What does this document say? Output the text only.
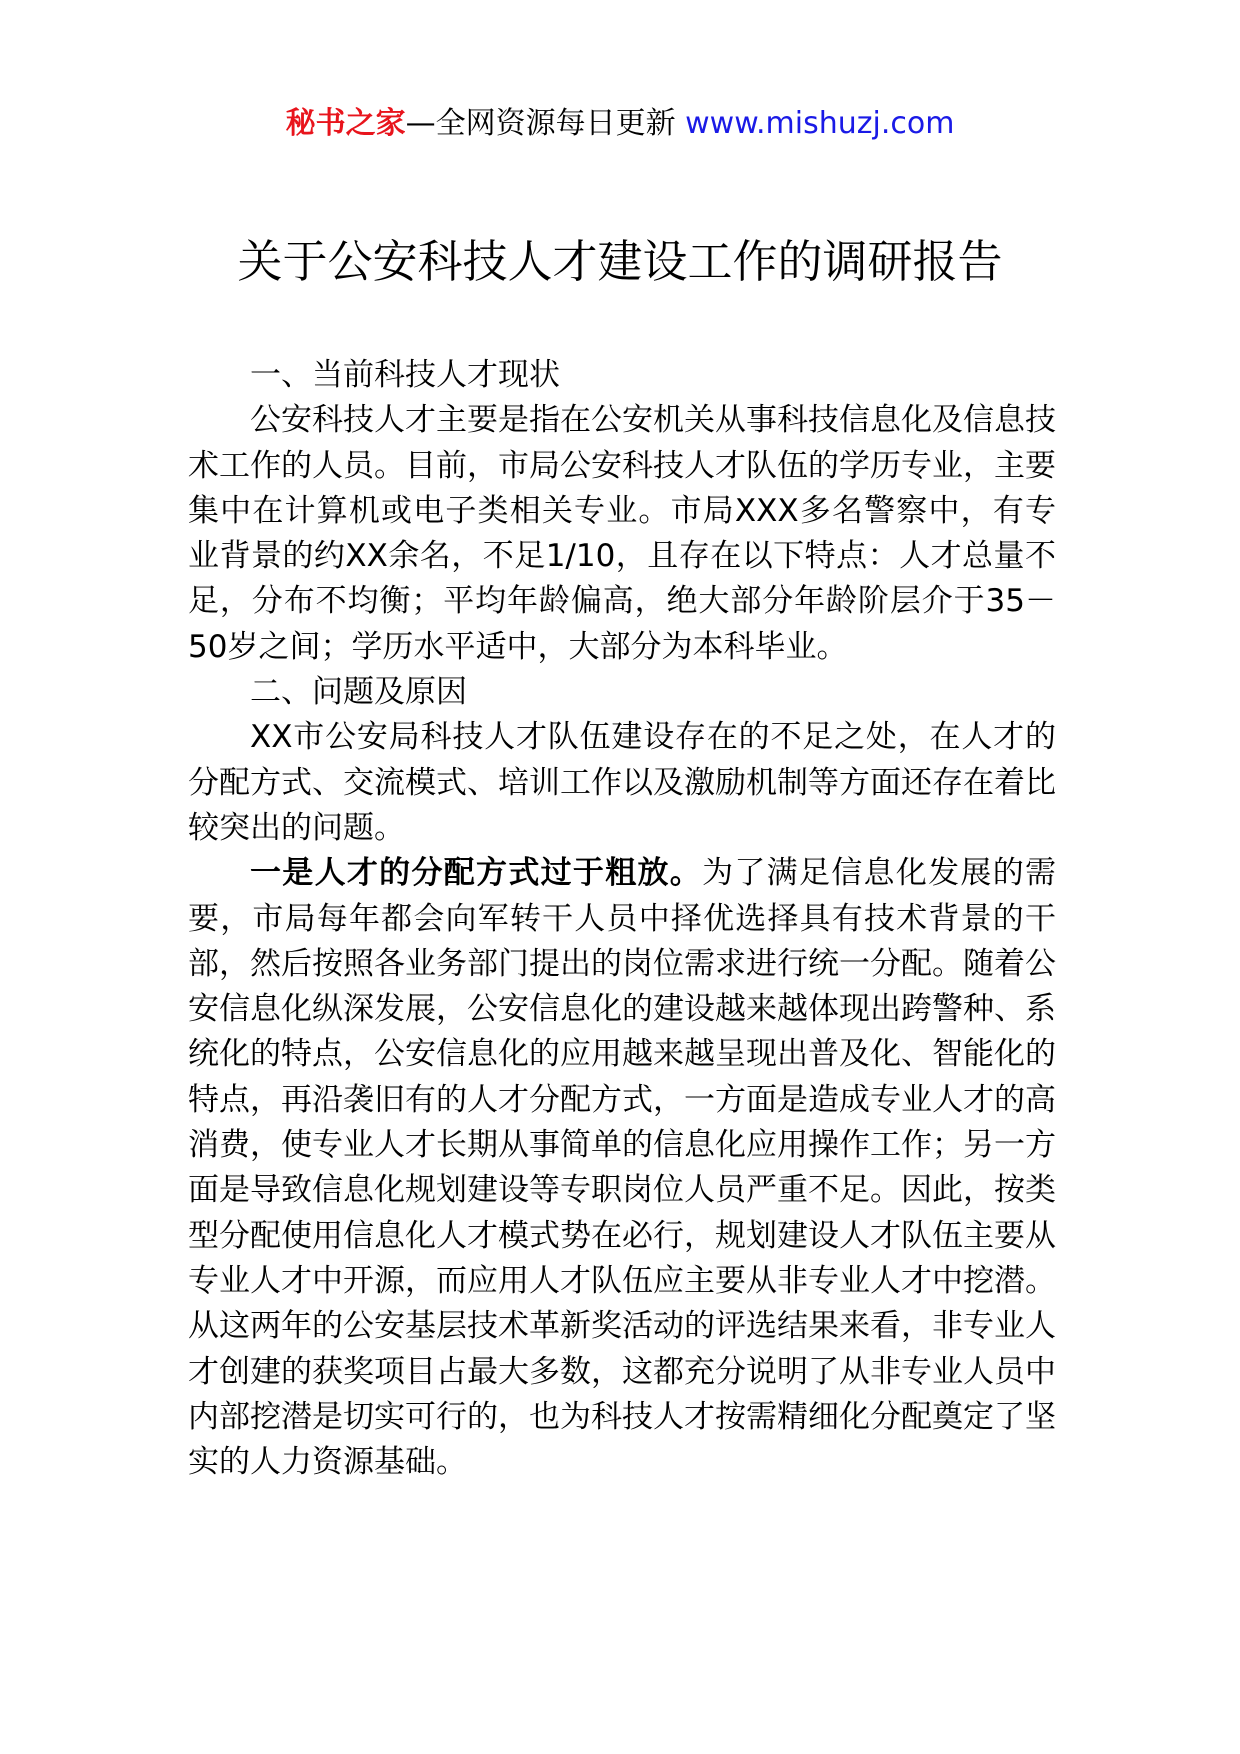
秘书之家—全网资源每日更新 www.mishuzj.com
关于公安科技人才建设工作的调研报告
一、当前科技人才现状

公安科技人才主要是指在公安机关从事科技信息化及信息技术工作的人员。目前，市局公安科技人才队伍的学历专业，主要集中在计算机或电子类相关专业。市局XXX多名警察中，有专业背景的约XX余名，不足1/10，且存在以下特点：人才总量不足，分布不均衡；平均年龄偏高，绝大部分年龄阶层介于35－50岁之间；学历水平适中，大部分为本科毕业。

二、问题及原因

XX市公安局科技人才队伍建设存在的不足之处，在人才的分配方式、交流模式、培训工作以及激励机制等方面还存在着比较突出的问题。

一是人才的分配方式过于粗放。为了满足信息化发展的需要，市局每年都会向军转干人员中择优选择具有技术背景的干部，然后按照各业务部门提出的岗位需求进行统一分配。随着公安信息化纵深发展，公安信息化的建设越来越体现出跨警种、系统化的特点，公安信息化的应用越来越呈现出普及化、智能化的特点，再沿袭旧有的人才分配方式，一方面是造成专业人才的高消费，使专业人才长期从事简单的信息化应用操作工作；另一方面是导致信息化规划建设等专职岗位人员严重不足。因此，按类型分配使用信息化人才模式势在必行，规划建设人才队伍主要从专业人才中开源，而应用人才队伍应主要从非专业人才中挖潜。从这两年的公安基层技术革新奖活动的评选结果来看，非专业人才创建的获奖项目占最大多数，这都充分说明了从非专业人员中内部挖潜是切实可行的，也为科技人才按需精细化分配奠定了坚实的人力资源基础。
